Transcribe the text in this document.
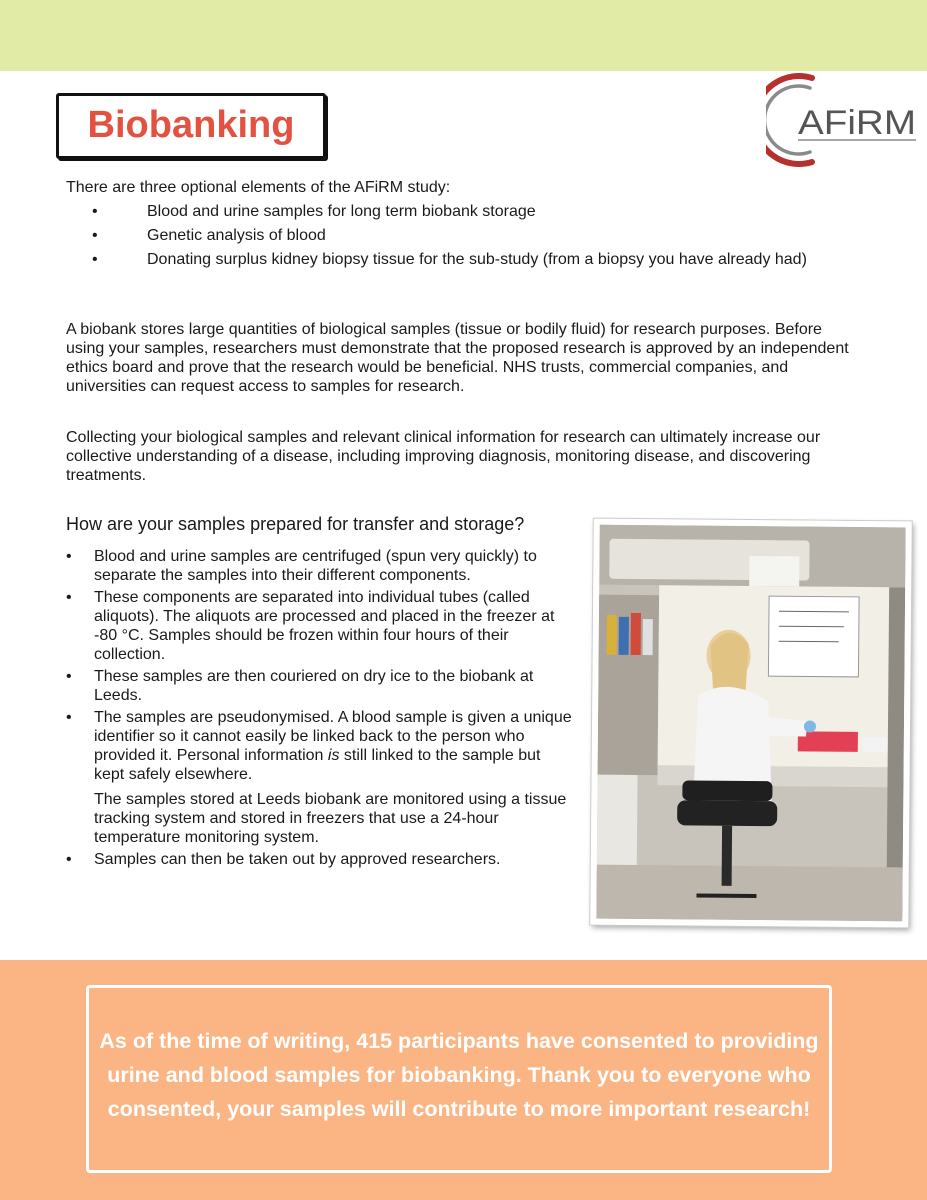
Biobanking	AFiRM
There are three optional elements of the AFiRM study:
•	Blood and urine samples for long term biobank storage
•	Genetic analysis of blood
•	Donating surplus kidney biopsy tissue for the sub-study (from a biopsy you have already had)

A biobank stores large quantities of biological samples (tissue or bodily fluid) for research purposes. Before using your samples, researchers must demonstrate that the proposed research is approved by an independent ethics board and prove that the research would be beneficial. NHS trusts, commercial companies, and universities can request access to samples for research.

Collecting your biological samples and relevant clinical information for research can ultimately increase our collective understanding of a disease, including improving diagnosis, monitoring disease, and discovering treatments.

How are your samples prepared for transfer and storage?
• Blood and urine samples are centrifuged (spun very quickly) to separate the samples into their different components.
• These components are separated into individual tubes (called aliquots). The aliquots are processed and placed in the freezer at -80 °C. Samples should be frozen within four hours of their collection.
• These samples are then couriered on dry ice to the biobank at Leeds.
• The samples are pseudonymised. A blood sample is given a unique identifier so it cannot easily be linked back to the person who provided it. Personal information is still linked to the sample but kept safely elsewhere.
The samples stored at Leeds biobank are monitored using a tissue tracking system and stored in freezers that use a 24-hour temperature monitoring system.
• Samples can then be taken out by approved researchers.

As of the time of writing, 415 participants have consented to providing urine and blood samples for biobanking. Thank you to everyone who consented, your samples will contribute to more important research!
